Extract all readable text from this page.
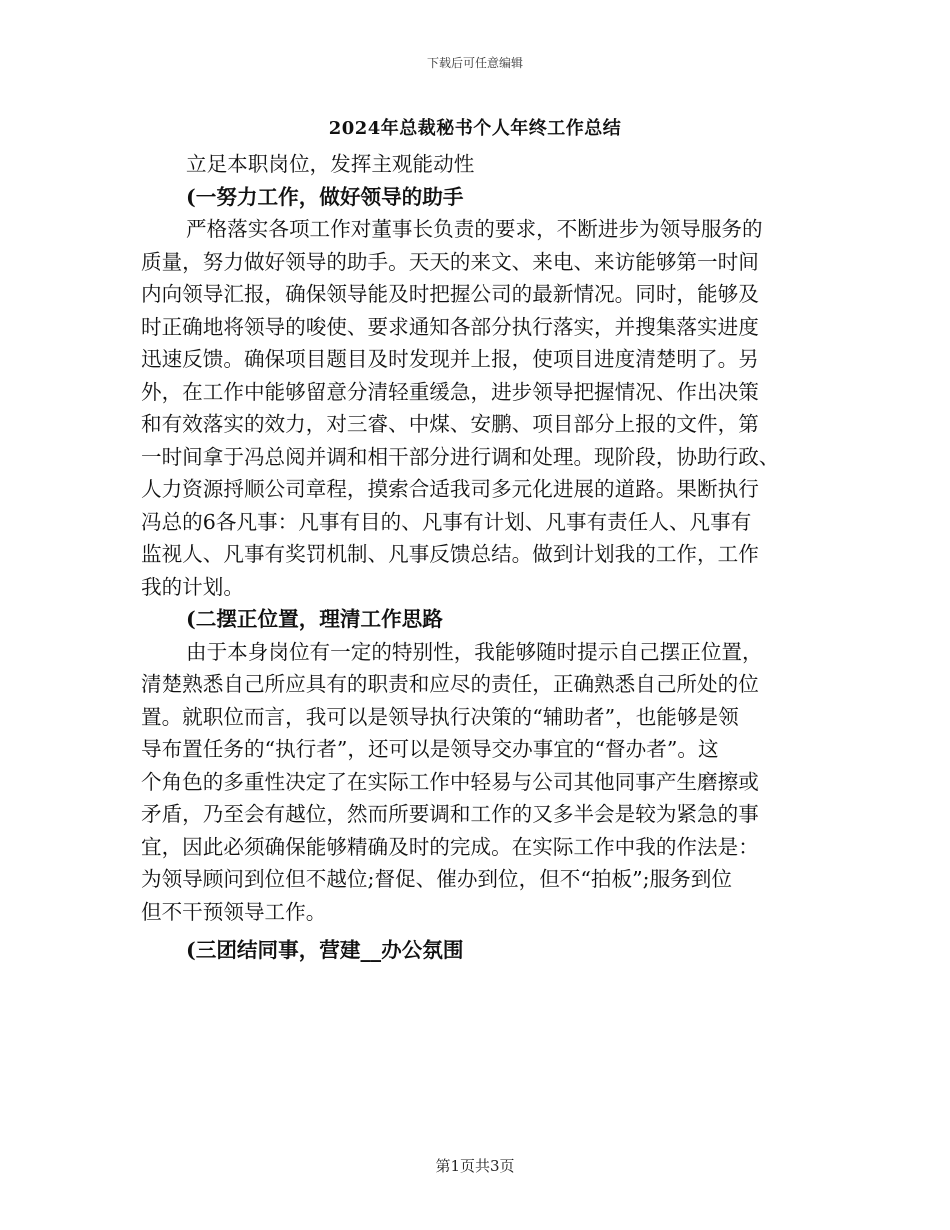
下载后可任意编辑
2024年总裁秘书个人年终工作总结
立足本职岗位，发挥主观能动性
(一努力工作，做好领导的助手
严格落实各项工作对董事长负责的要求，不断进步为领导服务的
质量，努力做好领导的助手。天天的来文、来电、来访能够第一时间
内向领导汇报，确保领导能及时把握公司的最新情况。同时，能够及
时正确地将领导的唆使、要求通知各部分执行落实，并搜集落实进度
迅速反馈。确保项目题目及时发现并上报，使项目进度清楚明了。另
外，在工作中能够留意分清轻重缓急，进步领导把握情况、作出决策
和有效落实的效力，对三睿、中煤、安鹏、项目部分上报的文件，第
一时间拿于冯总阅并调和相干部分进行调和处理。现阶段，协助行政、
人力资源捋顺公司章程，摸索合适我司多元化进展的道路。果断执行
冯总的6各凡事：凡事有目的、凡事有计划、凡事有责任人、凡事有
监视人、凡事有奖罚机制、凡事反馈总结。做到计划我的工作，工作
我的计划。
(二摆正位置，理清工作思路
由于本身岗位有一定的特别性，我能够随时提示自己摆正位置，
清楚熟悉自己所应具有的职责和应尽的责任，正确熟悉自己所处的位
置。就职位而言，我可以是领导执行决策的“辅助者”，也能够是领
导布置任务的“执行者”，还可以是领导交办事宜的“督办者”。这
个角色的多重性决定了在实际工作中轻易与公司其他同事产生磨擦或
矛盾，乃至会有越位，然而所要调和工作的又多半会是较为紧急的事
宜，因此必须确保能够精确及时的完成。在实际工作中我的作法是：
为领导顾问到位但不越位;督促、催办到位，但不“拍板”;服务到位
但不干预领导工作。
(三团结同事，营建__办公氛围
第1页共3页
